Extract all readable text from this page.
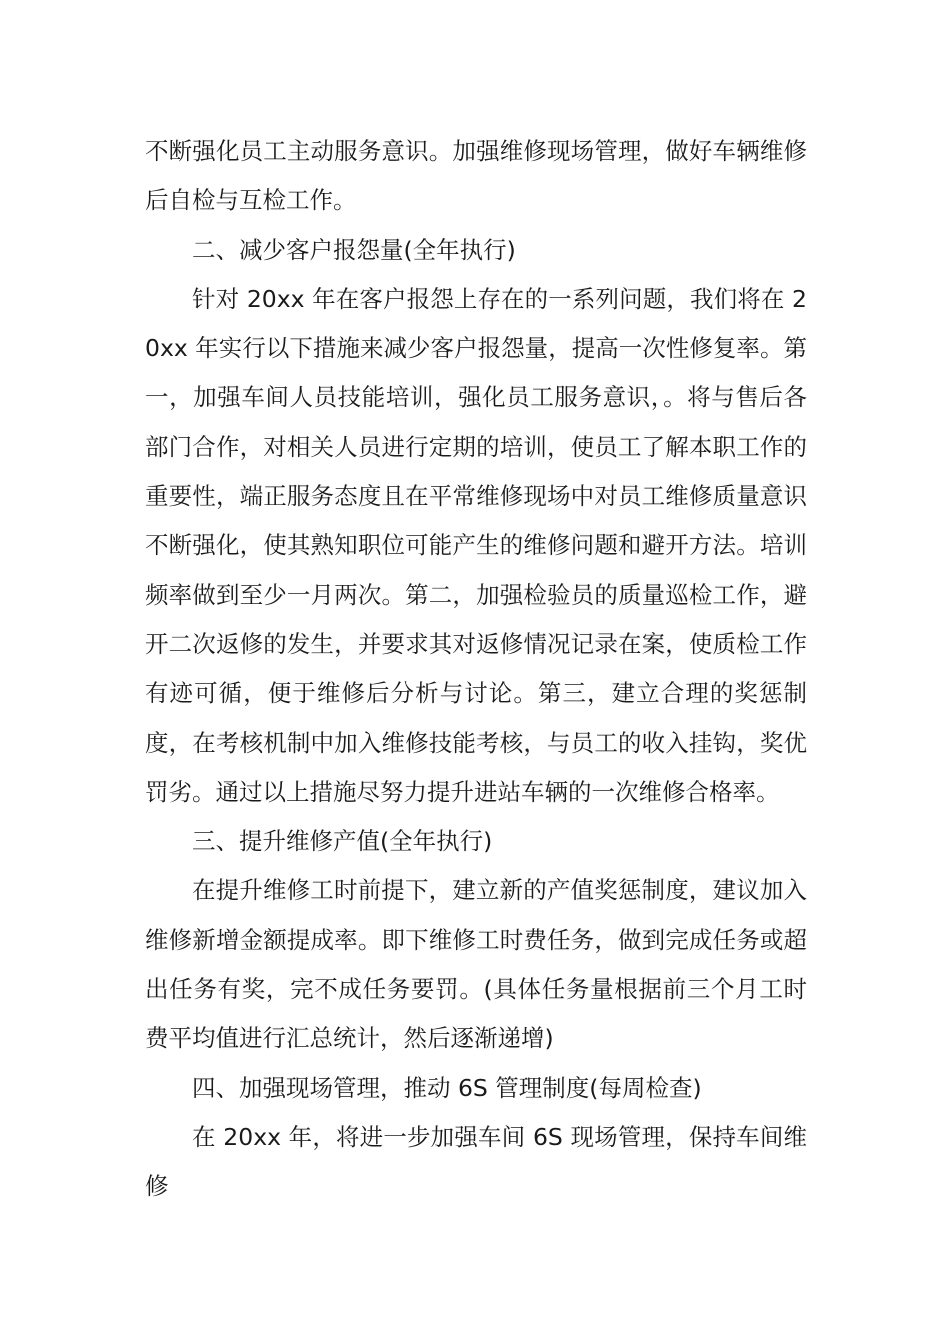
不断强化员工主动服务意识。加强维修现场管理，做好车辆维修后自检与互检工作。

二、减少客户报怨量(全年执行)

针对 20xx 年在客户报怨上存在的一系列问题，我们将在 20xx 年实行以下措施来减少客户报怨量，提高一次性修复率。第一，加强车间人员技能培训，强化员工服务意识，。将与售后各部门合作，对相关人员进行定期的培训，使员工了解本职工作的重要性，端正服务态度且在平常维修现场中对员工维修质量意识不断强化，使其熟知职位可能产生的维修问题和避开方法。培训频率做到至少一月两次。第二，加强检验员的质量巡检工作，避开二次返修的发生，并要求其对返修情况记录在案，使质检工作有迹可循，便于维修后分析与讨论。第三，建立合理的奖惩制度，在考核机制中加入维修技能考核，与员工的收入挂钩，奖优罚劣。通过以上措施尽努力提升进站车辆的一次维修合格率。

三、提升维修产值(全年执行)

在提升维修工时前提下，建立新的产值奖惩制度，建议加入维修新增金额提成率。即下维修工时费任务，做到完成任务或超出任务有奖，完不成任务要罚。(具体任务量根据前三个月工时费平均值进行汇总统计，然后逐渐递增)

四、加强现场管理，推动 6S 管理制度(每周检查)

在 20xx 年，将进一步加强车间 6S 现场管理，保持车间维修
